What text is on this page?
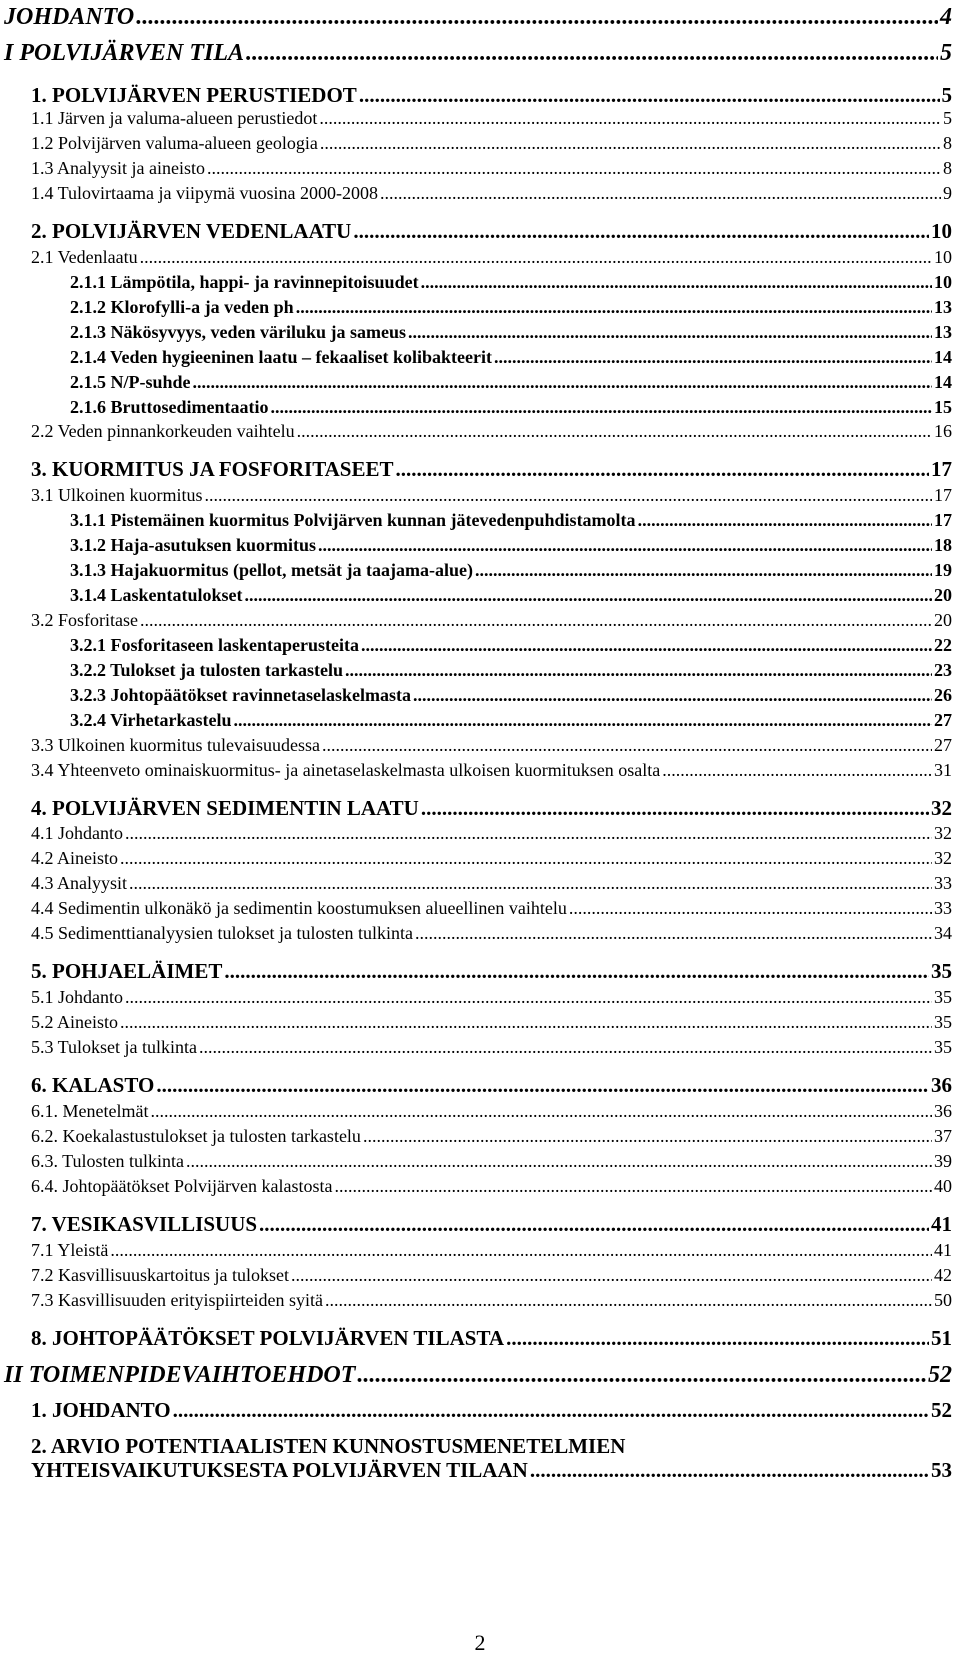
JOHDANTO .....	4
I POLVIJÄRVEN TILA .....	5
1. POLVIJÄRVEN PERUSTIEDOT .....	5
1.1 Järven ja valuma-alueen perustiedot .....	5
1.2 Polvijärven valuma-alueen geologia .....	8
1.3 Analyysit ja aineisto .....	8
1.4 Tulovirtaama ja viipymä vuosina 2000-2008 .....	9
2. POLVIJÄRVEN VEDENLAATU .....	10
2.1 Vedenlaatu .....	10
2.1.1 Lämpötila, happi- ja ravinnepitoisuudet .....	10
2.1.2 Klorofylli-a ja veden ph .....	13
2.1.3 Näkösyvyys, veden väriluku ja sameus .....	13
2.1.4 Veden hygieeninen laatu – fekaaliset kolibakteerit .....	14
2.1.5 N/P-suhde .....	14
2.1.6 Bruttosedimentaatio .....	15
2.2 Veden pinnankorkeuden vaihtelu .....	16
3. KUORMITUS JA FOSFORITASEET .....	17
3.1 Ulkoinen kuormitus .....	17
3.1.1 Pistemäinen kuormitus Polvijärven kunnan jätevedenpuhdistamolta .....	17
3.1.2 Haja-asutuksen kuormitus .....	18
3.1.3 Hajakuormitus (pellot, metsät ja taajama-alue) .....	19
3.1.4 Laskentatulokset .....	20
3.2 Fosforitase .....	20
3.2.1 Fosforitaseen laskentaperusteita .....	22
3.2.2 Tulokset ja tulosten tarkastelu .....	23
3.2.3 Johtopäätökset ravinnetaselaskelmasta .....	26
3.2.4 Virhetarkastelu .....	27
3.3 Ulkoinen kuormitus tulevaisuudessa .....	27
3.4 Yhteenveto ominaiskuormitus- ja ainetaselaskelmasta ulkoisen kuormituksen osalta .....	31
4. POLVIJÄRVEN SEDIMENTIN LAATU .....	32
4.1 Johdanto .....	32
4.2 Aineisto .....	32
4.3 Analyysit .....	33
4.4 Sedimentin ulkonäkö ja sedimentin koostumuksen alueellinen vaihtelu .....	33
4.5 Sedimenttianalyysien tulokset ja tulosten tulkinta .....	34
5. POHJAELÄIMET .....	35
5.1 Johdanto .....	35
5.2 Aineisto .....	35
5.3 Tulokset ja tulkinta .....	35
6. KALASTO .....	36
6.1. Menetelmät .....	36
6.2. Koekalastustulokset ja tulosten tarkastelu .....	37
6.3. Tulosten tulkinta .....	39
6.4. Johtopäätökset Polvijärven kalastosta .....	40
7. VESIKASVILLISUUS .....	41
7.1 Yleistä .....	41
7.2 Kasvillisuuskartoitus ja tulokset .....	42
7.3 Kasvillisuuden erityispiirteiden syitä .....	50
8. JOHTOPÄÄTÖKSET POLVIJÄRVEN TILASTA .....	51
II TOIMENPIDEVAIHTOEHDOT .....	52
1. JOHDANTO .....	52
2. ARVIO POTENTIAALISTEN KUNNOSTUSMENETELMIEN
YHTEISVAIKUTUKSESTA POLVIJÄRVEN TILAAN .....	53
2
